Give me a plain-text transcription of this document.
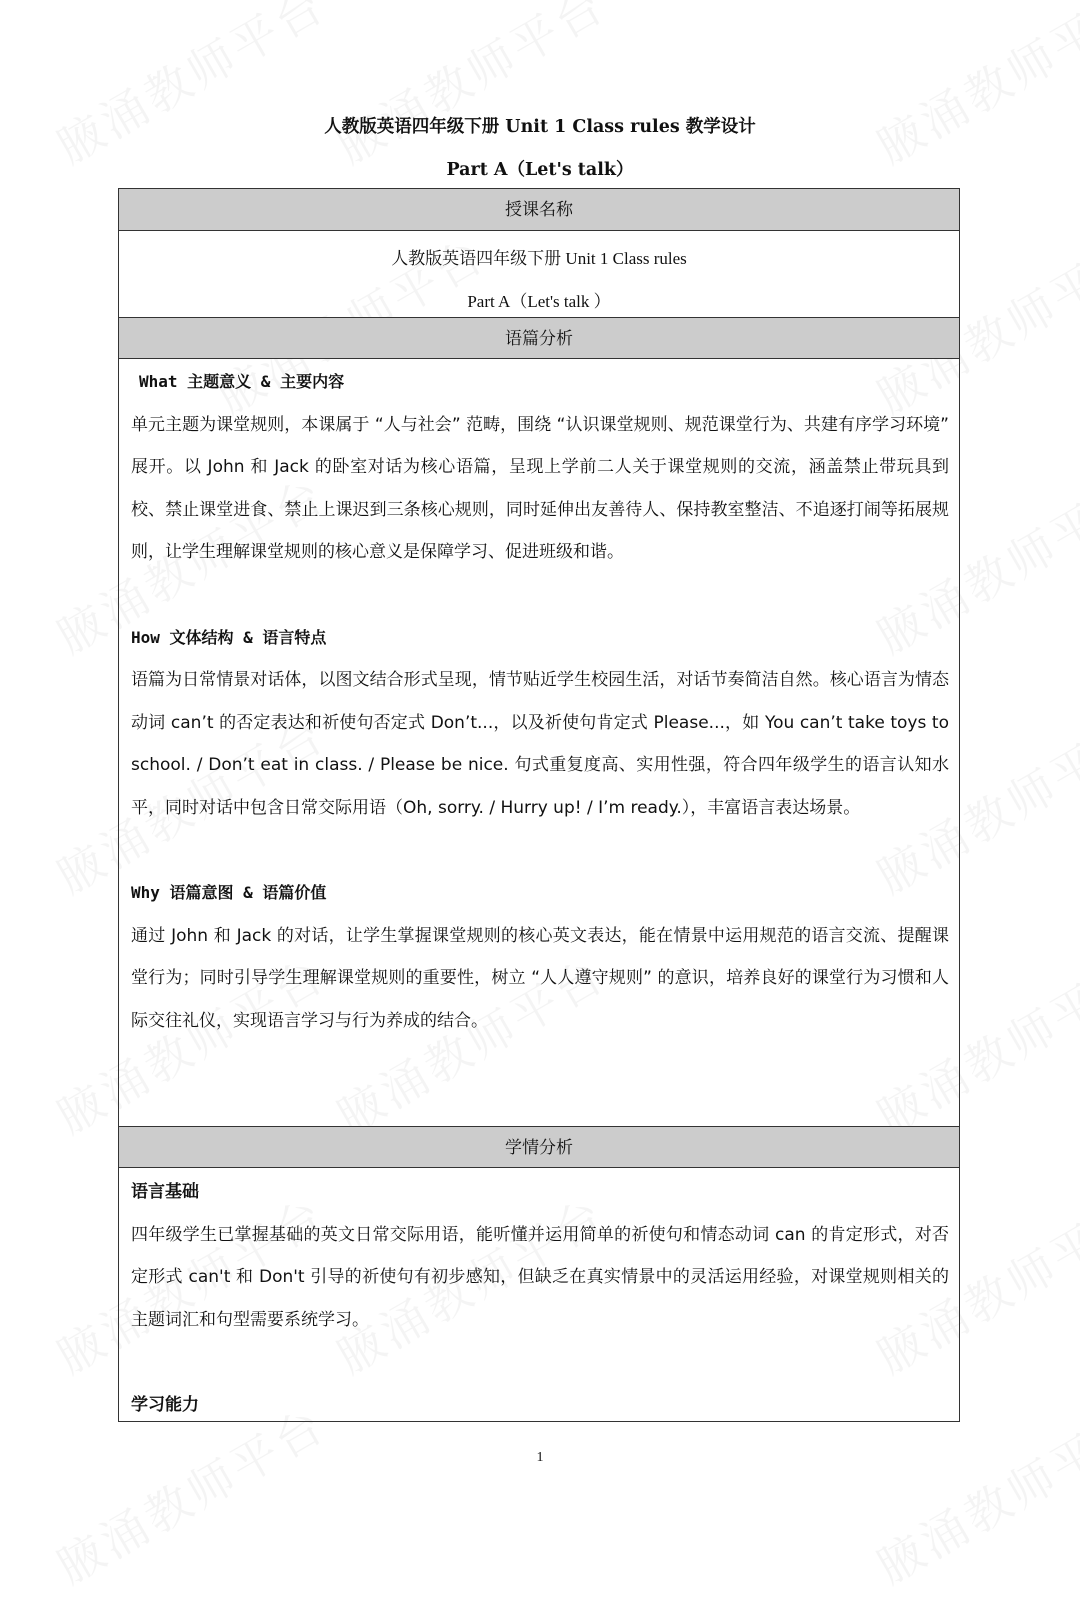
人教版英语四年级下册 Unit 1 Class rules 教学设计
Part A（Let's talk）
授课名称
人教版英语四年级下册 Unit 1 Class rules
Part A（Let's talk ）
语篇分析

What 主题意义 & 主要内容

单元主题为课堂规则，本课属于 “人与社会” 范畴，围绕 “认识课堂规则、规范课堂行为、共建有序学习环境” 展开。以 John 和 Jack 的卧室对话为核心语篇，呈现上学前二人关于课堂规则的交流，涵盖禁止带玩具到校、禁止课堂进食、禁止上课迟到三条核心规则，同时延伸出友善待人、保持教室整洁、不追逐打闹等拓展规则，让学生理解课堂规则的核心意义是保障学习、促进班级和谐。

How 文体结构 & 语言特点

语篇为日常情景对话体，以图文结合形式呈现，情节贴近学生校园生活，对话节奏简洁自然。核心语言为情态动词 can’t 的否定表达和祈使句否定式 Don’t...，以及祈使句肯定式 Please...，如 You can’t take toys to school. / Don’t eat in class. / Please be nice. 句式重复度高、实用性强，符合四年级学生的语言认知水平，同时对话中包含日常交际用语（Oh, sorry. / Hurry up! / I’m ready.），丰富语言表达场景。

Why 语篇意图 & 语篇价值

通过 John 和 Jack 的对话，让学生掌握课堂规则的核心英文表达，能在情景中运用规范的语言交流、提醒课堂行为；同时引导学生理解课堂规则的重要性，树立 “人人遵守规则” 的意识，培养良好的课堂行为习惯和人际交往礼仪，实现语言学习与行为养成的结合。

学情分析

语言基础

四年级学生已掌握基础的英文日常交际用语，能听懂并运用简单的祈使句和情态动词 can 的肯定形式，对否定形式 can't 和 Don't 引导的祈使句有初步感知，但缺乏在真实情景中的灵活运用经验，对课堂规则相关的主题词汇和句型需要系统学习。

学习能力

1
